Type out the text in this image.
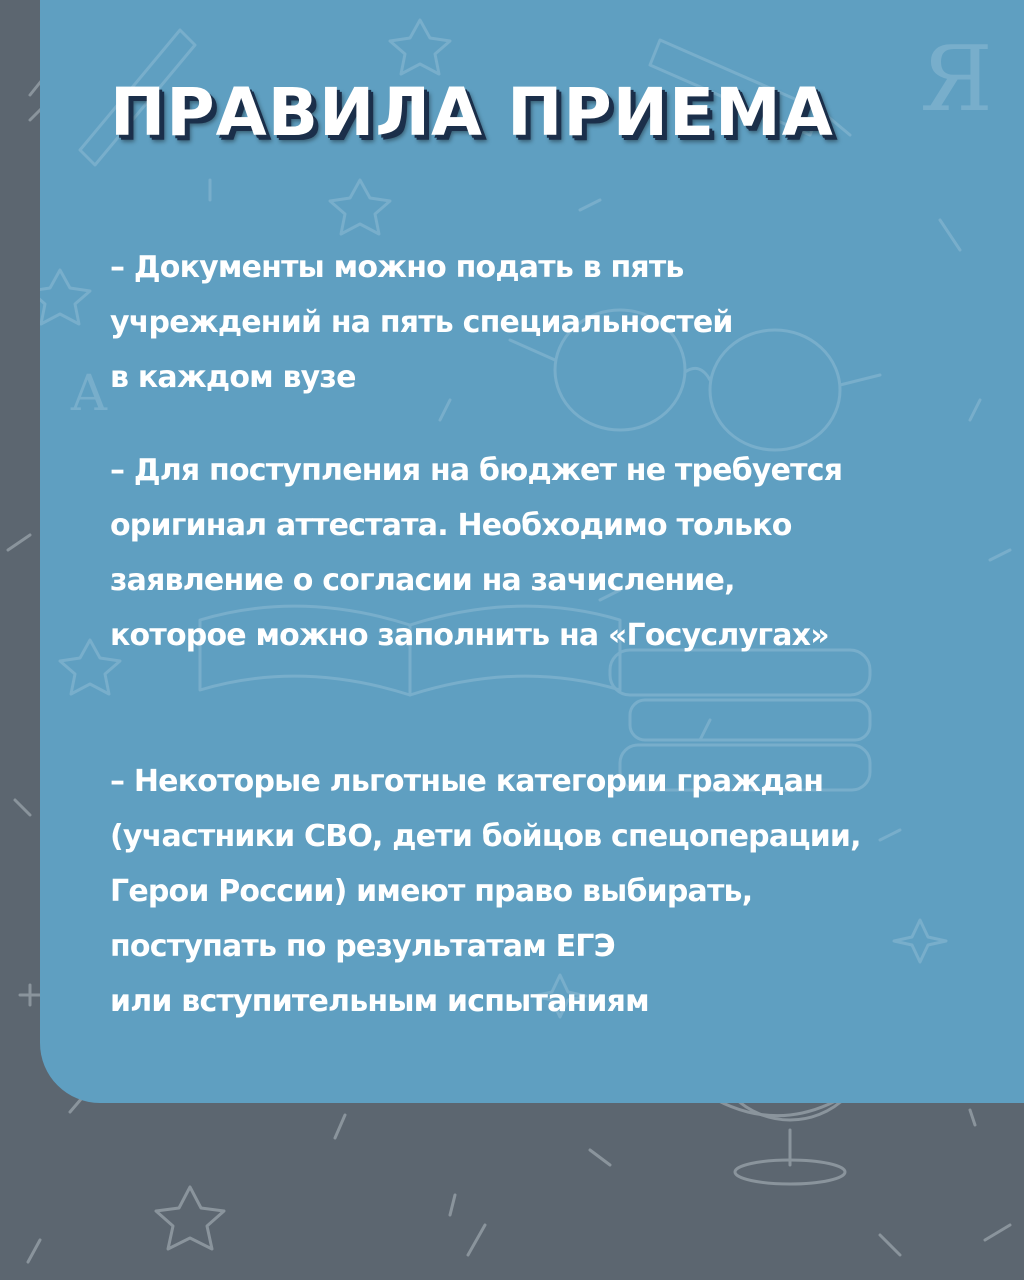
Я
А
ПРАВИЛА ПРИЕМА

– Документы можно подать в пять
учреждений на пять специальностей
в каждом вузе

– Для поступления на бюджет не требуется
оригинал аттестата. Необходимо только
заявление о согласии на зачисление,
которое можно заполнить на «Госуслугах»

– Некоторые льготные категории граждан
(участники СВО, дети бойцов спецоперации,
Герои России) имеют право выбирать,
поступать по результатам ЕГЭ
или вступительным испытаниям
